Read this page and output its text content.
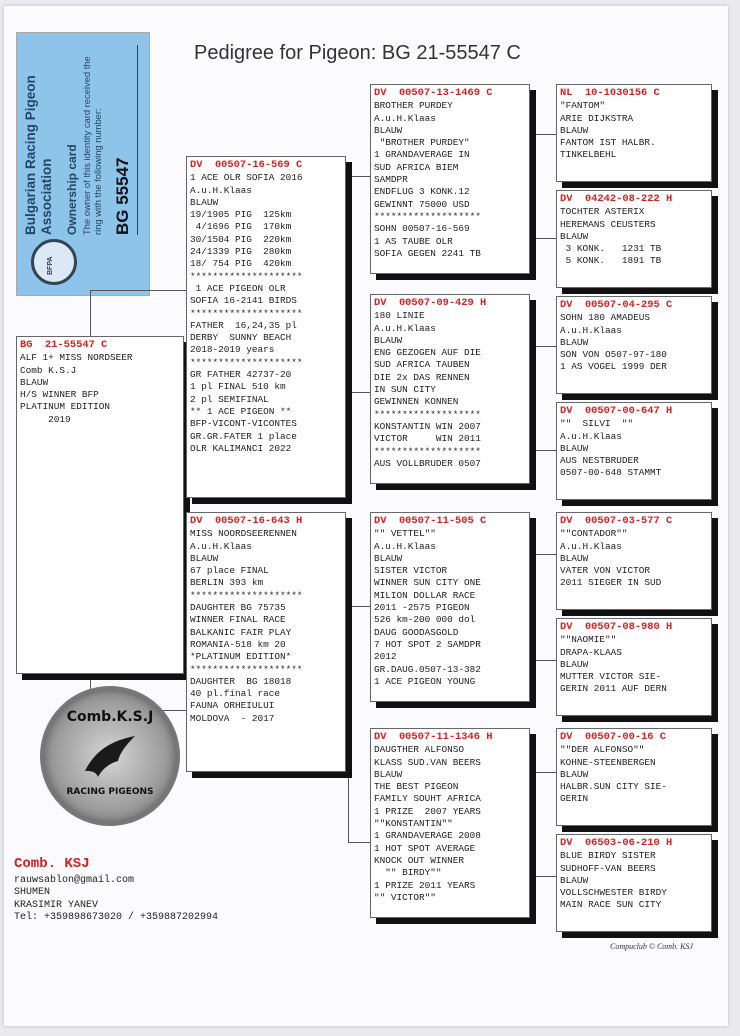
Pedigree for Pigeon: BG 21-55547 C
BFPA
Bulgarian Racing Pigeon
Association Ownership card The owner of this identity card received the ring with the following number: BG 55547
BG  21-55547 C
ALF 1+ MISS NORDSEER
Comb K.S.J
BLAUW
H/S WINNER BFP
PLATINUM EDITION
2019
DV  00507-16-569 C
1 ACE OLR SOFIA 2016
A.u.H.Klaas
BLAUW
19/1905 PIG  125km
4/1696 PIG  170km
30/1504 PIG  220km
24/1339 PIG  280km
18/ 754 PIG  420km
********************
1 ACE PIGEON OLR
SOFIA 16-2141 BIRDS
********************
FATHER  16,24,35 pl
DERBY  SUNNY BEACH
2018-2019 years
********************
GR FATHER 42737-20
1 pl FINAL 510 km
2 pl SEMIFINAL
** 1 ACE PIGEON **
BFP-VICONT-VICONTES
GR.GR.FATER 1 place
OLR KALIMANCI 2022
DV  00507-16-643 H
MISS NOORDSEERENNEN
A.u.H.Klaas
BLAUW
67 place FINAL
BERLIN 393 km
********************
DAUGHTER BG 75735
WINNER FINAL RACE
BALKANIC FAIR PLAY
ROMANIA-518 km 20
*PLATINUM EDITION*
********************
DAUGHTER  BG 18018
40 pl.final race
FAUNA ORHEIULUI
MOLDOVA  - 2017
DV  00507-13-1469 C
BROTHER PURDEY
A.u.H.Klaas
BLAUW
"BROTHER PURDEY"
1 GRANDAVERAGE IN
SUD AFRICA BIEM
SAMDPR
ENDFLUG 3 KONK.12
GEWINNT 75000 USD
*******************
SOHN 00507-16-569
1 AS TAUBE OLR
SOFIA GEGEN 2241 TB
DV  00507-09-429 H
180 LINIE
A.u.H.Klaas
BLAUW
ENG GEZOGEN AUF DIE
SUD AFRICA TAUBEN
DIE 2x DAS RENNEN
IN SUN CITY
GEWINNEN KONNEN
*******************
KONSTANTIN WIN 2007
VICTOR     WIN 2011
*******************
AUS VOLLBRUDER 0507
DV  00507-11-505 C
"" VETTEL""
A.u.H.Klaas
BLAUW
SISTER VICTOR
WINNER SUN CITY ONE
MILION DOLLAR RACE
2011 -2575 PIGEON
526 km-200 000 dol
DAUG GOODASGOLD
7 HOT SPOT 2 SAMDPR
2012
GR.DAUG.0507-13-382
1 ACE PIGEON YOUNG
DV  00507-11-1346 H
DAUGTHER ALFONSO
KLASS SUD.VAN BEERS
BLAUW
THE BEST PIGEON
FAMILY SOUHT AFRICA
1 PRIZE  2007 YEARS
""KONSTANTIN""
1 GRANDAVERAGE 2008
1 HOT SPOT AVERAGE
KNOCK OUT WINNER
"" BIRDY""
1 PRIZE 2011 YEARS
"" VICTOR""
NL  10-1030156 C
"FANTOM"
ARIE DIJKSTRA
BLAUW
FANTOM IST HALBR.
TINKELBEHL
DV  04242-08-222 H
TOCHTER ASTERIX
HEREMANS CEUSTERS
BLAUW
3 KONK.   1231 TB
5 KONK.   1891 TB
DV  00507-04-295 C
SOHN 180 AMADEUS
A.u.H.Klaas
BLAUW
SON VON O507-97-180
1 AS VOGEL 1999 DER
DV  00507-00-647 H
""  SILVI  ""
A.u.H.Klaas
BLAUW
AUS NESTBRUDER
0507-00-648 STAMMT
DV  00507-03-577 C
""CONTADOR""
A.u.H.Klaas
BLAUW
VATER VON VICTOR
2011 SIEGER IN SUD
DV  00507-08-980 H
""NAOMIE""
DRAPA-KLAAS
BLAUW
MUTTER VICTOR SIE-
GERIN 2011 AUF DERN
DV  00507-00-16 C
""DER ALFONSO""
KOHNE-STEENBERGEN
BLAUW
HALBR.SUN CITY SIE-
GERIN
DV  06503-06-210 H
BLUE BIRDY SISTER
SUDHOFF-VAN BEERS
BLAUW
VOLLSCHWESTER BIRDY
MAIN RACE SUN CITY
Comb.K.S.J
RACING PIGEONS
Comb. KSJ
rauwsablon@gmail.com
SHUMEN
KRASIMIR YANEV
Tel: +359898673020 / +359887202994
Compuclub © Comb. KSJ
